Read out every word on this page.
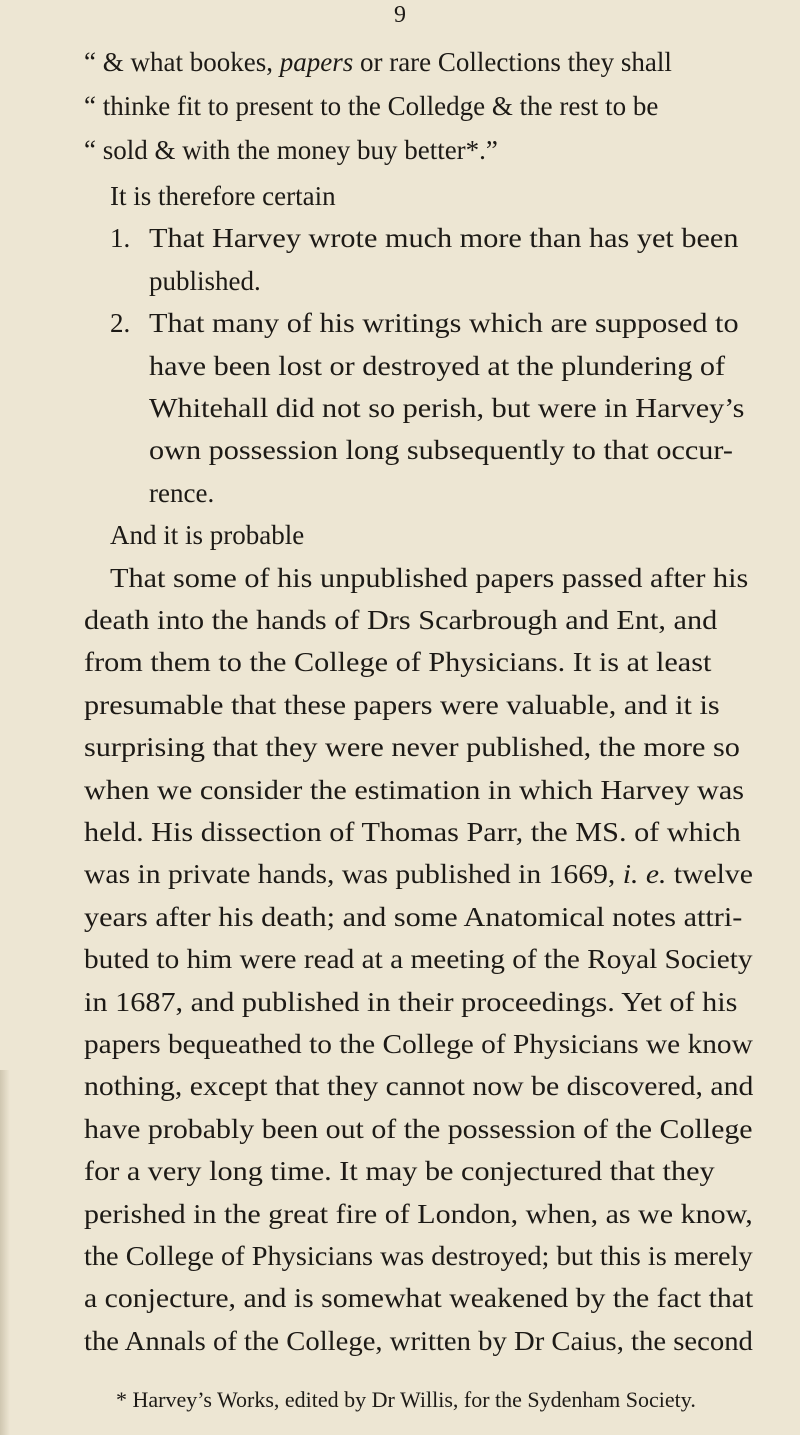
9
“ & what bookes, papers or rare Collections they shall
“ thinke fit to present to the Colledge & the rest to be
“ sold & with the money buy better*.”
It is therefore certain
1. That Harvey wrote much more than has yet been
published.
2. That many of his writings which are supposed to
have been lost or destroyed at the plundering of
Whitehall did not so perish, but were in Harvey’s
own possession long subsequently to that occur-
rence.
And it is probable
That some of his unpublished papers passed after his
death into the hands of Drs Scarbrough and Ent, and
from them to the College of Physicians. It is at least
presumable that these papers were valuable, and it is
surprising that they were never published, the more so
when we consider the estimation in which Harvey was
held. His dissection of Thomas Parr, the MS. of which
was in private hands, was published in 1669, i. e. twelve
years after his death; and some Anatomical notes attri-
buted to him were read at a meeting of the Royal Society
in 1687, and published in their proceedings. Yet of his
papers bequeathed to the College of Physicians we know
nothing, except that they cannot now be discovered, and
have probably been out of the possession of the College
for a very long time. It may be conjectured that they
perished in the great fire of London, when, as we know,
the College of Physicians was destroyed; but this is merely
a conjecture, and is somewhat weakened by the fact that
the Annals of the College, written by Dr Caius, the second
* Harvey’s Works, edited by Dr Willis, for the Sydenham Society.
